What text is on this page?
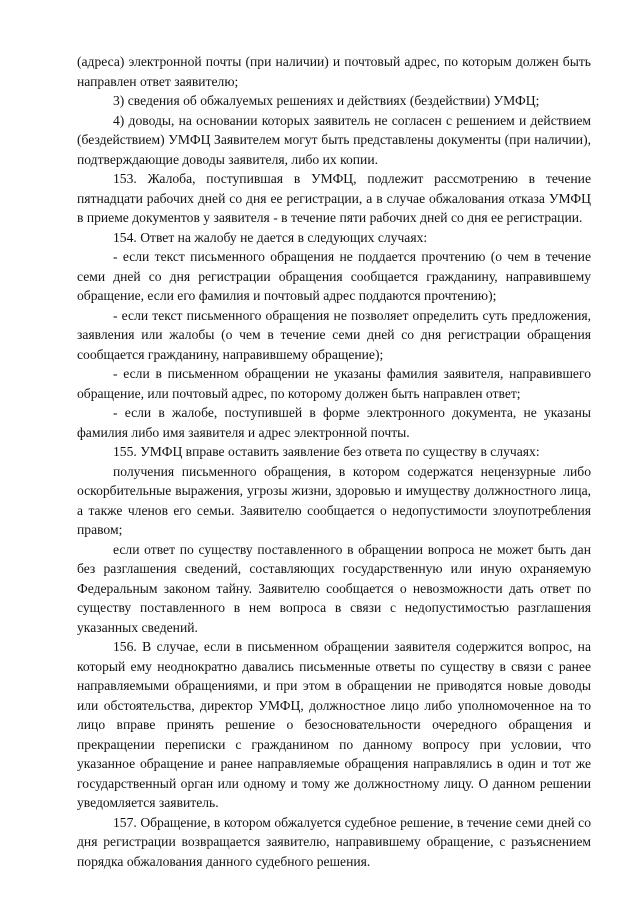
(адреса) электронной почты (при наличии) и почтовый адрес, по которым должен быть направлен ответ заявителю;

3) сведения об обжалуемых решениях и действиях (бездействии) УМФЦ;

4) доводы, на основании которых заявитель не согласен с решением и действием (бездействием) УМФЦ Заявителем могут быть представлены документы (при наличии), подтверждающие доводы заявителя, либо их копии.

153. Жалоба, поступившая в УМФЦ, подлежит рассмотрению в течение пятнадцати рабочих дней со дня ее регистрации, а в случае обжалования отказа УМФЦ в приеме документов у заявителя - в течение пяти рабочих дней со дня ее регистрации.

154. Ответ на жалобу не дается в следующих случаях:

- если текст письменного обращения не поддается прочтению (о чем в течение семи дней со дня регистрации обращения сообщается гражданину, направившему обращение, если его фамилия и почтовый адрес поддаются прочтению);

- если текст письменного обращения не позволяет определить суть предложения, заявления или жалобы (о чем в течение семи дней со дня регистрации обращения сообщается гражданину, направившему обращение);

- если в письменном обращении не указаны фамилия заявителя, направившего обращение, или почтовый адрес, по которому должен быть направлен ответ;

- если в жалобе, поступившей в форме электронного документа, не указаны фамилия либо имя заявителя и адрес электронной почты.

155. УМФЦ вправе оставить заявление без ответа по существу в случаях:

получения письменного обращения, в котором содержатся нецензурные либо оскорбительные выражения, угрозы жизни, здоровью и имуществу должностного лица, а также членов его семьи. Заявителю сообщается о недопустимости злоупотребления правом;

если ответ по существу поставленного в обращении вопроса не может быть дан без разглашения сведений, составляющих государственную или иную охраняемую Федеральным законом тайну. Заявителю сообщается о невозможности дать ответ по существу поставленного в нем вопроса в связи с недопустимостью разглашения указанных сведений.

156. В случае, если в письменном обращении заявителя содержится вопрос, на который ему неоднократно давались письменные ответы по существу в связи с ранее направляемыми обращениями, и при этом в обращении не приводятся новые доводы или обстоятельства, директор УМФЦ, должностное лицо либо уполномоченное на то лицо вправе принять решение о безосновательности очередного обращения и прекращении переписки с гражданином по данному вопросу при условии, что указанное обращение и ранее направляемые обращения направлялись в один и тот же государственный орган или одному и тому же должностному лицу. О данном решении уведомляется заявитель.

157. Обращение, в котором обжалуется судебное решение, в течение семи дней со дня регистрации возвращается заявителю, направившему обращение, с разъяснением порядка обжалования данного судебного решения.
